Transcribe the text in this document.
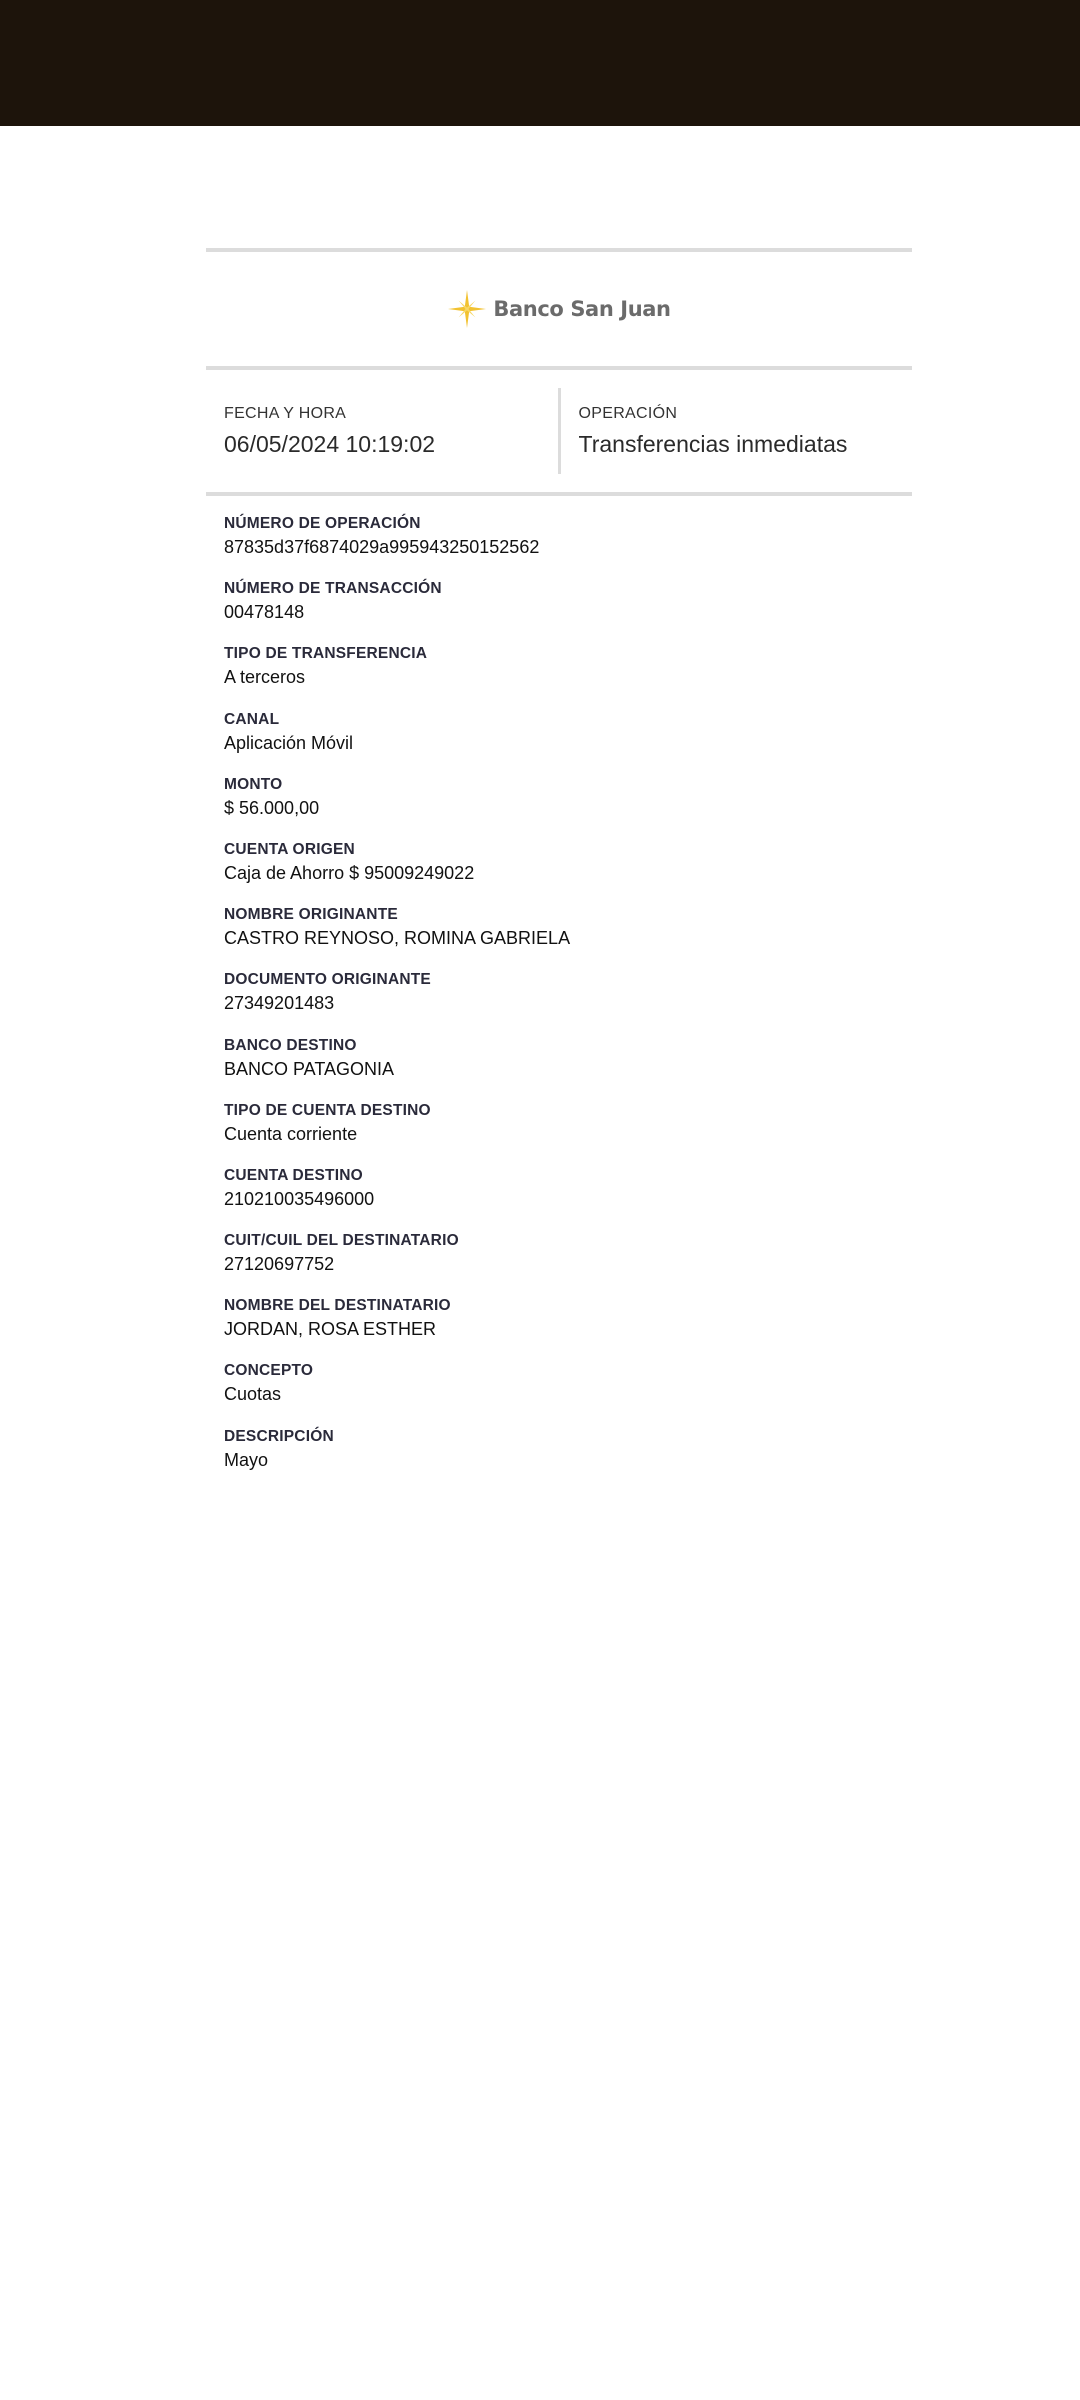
Banco San Juan
FECHA Y HORA
06/05/2024 10:19:02
OPERACIÓN
Transferencias inmediatas
NÚMERO DE OPERACIÓN
87835d37f6874029a995943250152562
NÚMERO DE TRANSACCIÓN
00478148
TIPO DE TRANSFERENCIA
A terceros
CANAL
Aplicación Móvil
MONTO
$ 56.000,00
CUENTA ORIGEN
Caja de Ahorro $ 95009249022
NOMBRE ORIGINANTE
CASTRO REYNOSO, ROMINA GABRIELA
DOCUMENTO ORIGINANTE
27349201483
BANCO DESTINO
BANCO PATAGONIA
TIPO DE CUENTA DESTINO
Cuenta corriente
CUENTA DESTINO
210210035496000
CUIT/CUIL DEL DESTINATARIO
27120697752
NOMBRE DEL DESTINATARIO
JORDAN, ROSA ESTHER
CONCEPTO
Cuotas
DESCRIPCIÓN
Mayo
